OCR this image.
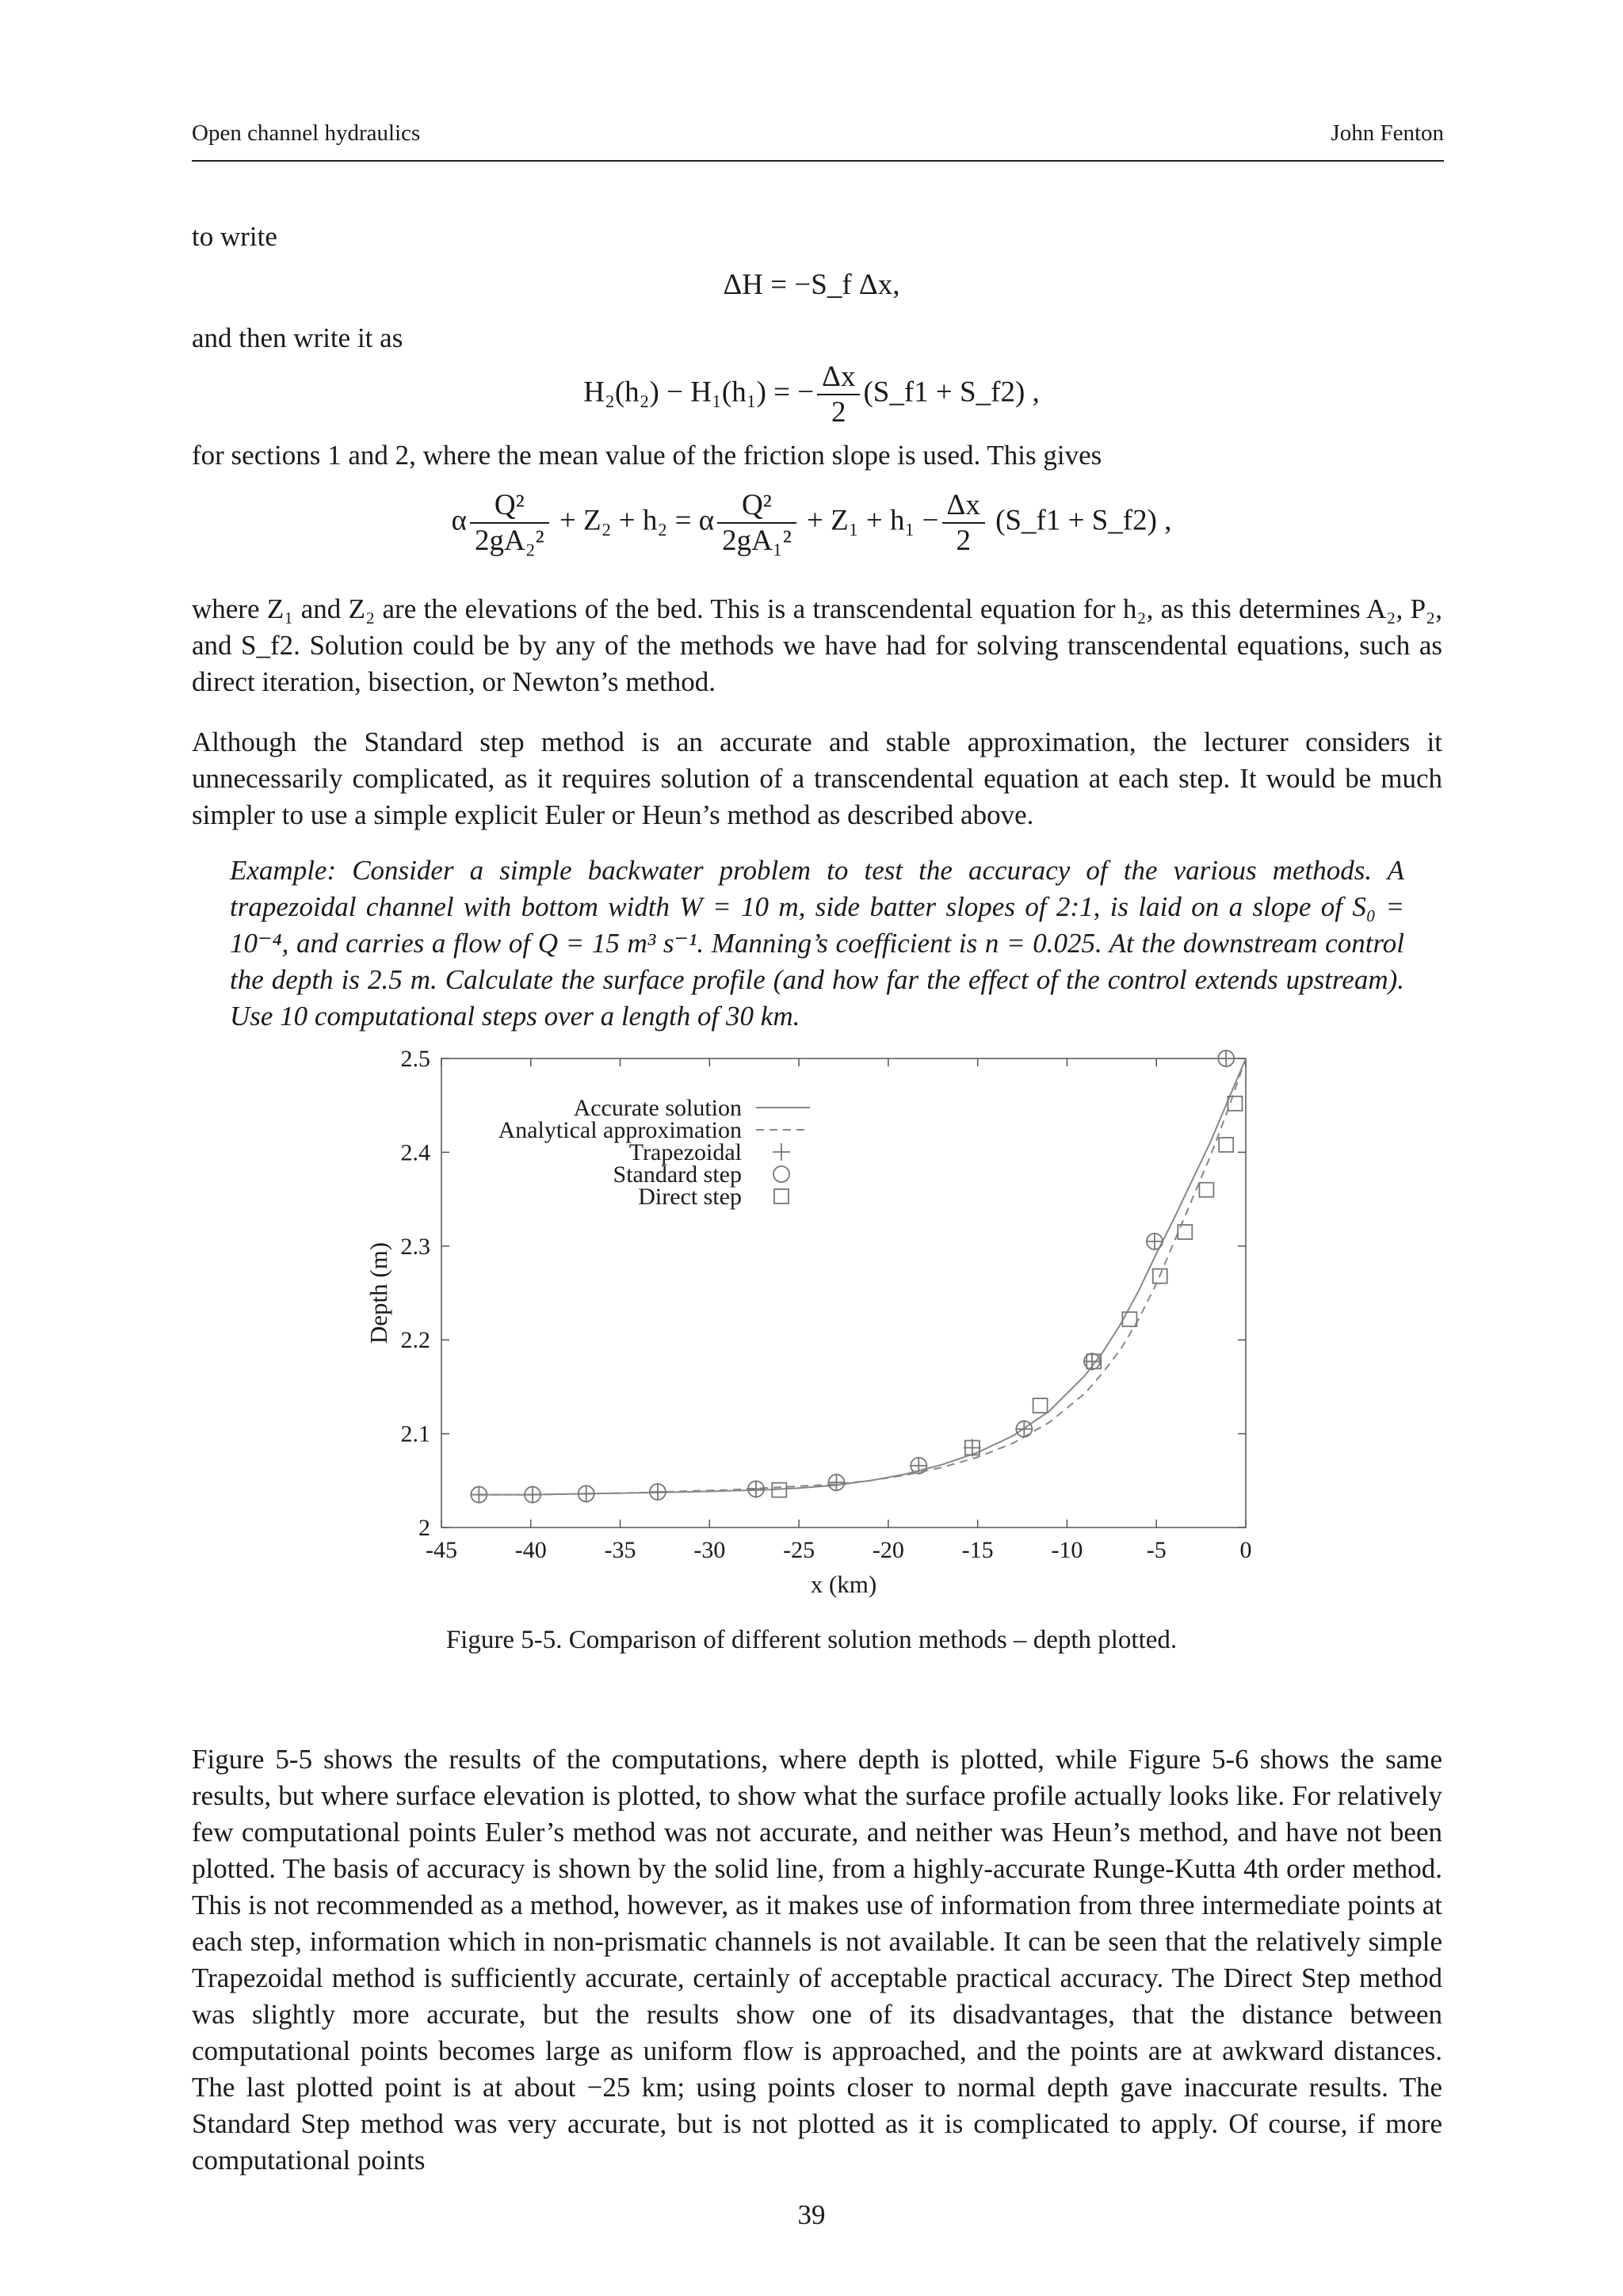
Open channel hydraulics	John Fenton
to write
ΔH = −S_f Δx,
and then write it as
H₂(h₂) − H₁(h₁) = − $\frac{\Delta x}{2}$ (S_f1 + S_f2) ,
for sections 1 and 2, where the mean value of the friction slope is used. This gives
α $\frac{\text{Q²}}{\text{2gA₂²}} + Z_2 + h_2 = \alpha \frac{\text{Q²}}{\text{2gA₁²}} + Z_1 + h_1 - \frac{\Delta x}{2}$ (S_f1 + S_f2) ,
where Z₁ and Z₂ are the elevations of the bed. This is a transcendental equation for h₂, as this determines A₂, P₂, and S_f2. Solution could be by any of the methods we have had for solving transcendental equations, such as direct iteration, bisection, or Newton’s method.
Although the Standard step method is an accurate and stable approximation, the lecturer considers it unnecessarily complicated, as it requires solution of a transcendental equation at each step. It would be much simpler to use a simple explicit Euler or Heun’s method as described above.
Example: Consider a simple backwater problem to test the accuracy of the various methods. A trapezoidal channel with bottom width W = 10 m, side batter slopes of 2:1, is laid on a slope of S₀ = 10⁻⁴, and carries a flow of Q = 15 m³ s⁻¹. Manning’s coefficient is n = 0.025. At the downstream control the depth is 2.5 m. Calculate the surface profile (and how far the effect of the control extends upstream). Use 10 computational steps over a length of 30 km.
-45 -40 -35 -30 -25 -20 -15 -10	-5	0
2
2.1
2.2
2.3
2.4
2.5
x (km)
Depth (m)
Accurate solution
Analytical approximation
Trapezoidal
Standard step
Direct step
Figure 5-5. Comparison of different solution methods – depth plotted.
Figure 5-5 shows the results of the computations, where depth is plotted, while Figure 5-6 shows the same results, but where surface elevation is plotted, to show what the surface profile actually looks like. For relatively few computational points Euler’s method was not accurate, and neither was Heun’s method, and have not been plotted. The basis of accuracy is shown by the solid line, from a highly-accurate Runge-Kutta 4th order method. This is not recommended as a method, however, as it makes use of information from three intermediate points at each step, information which in non-prismatic channels is not available. It can be seen that the relatively simple Trapezoidal method is sufficiently accurate, certainly of acceptable practical accuracy. The Direct Step method was slightly more accurate, but the results show one of its disadvantages, that the distance between computational points becomes large as uniform flow is approached, and the points are at awkward distances. The last plotted point is at about −25 km; using points closer to normal depth gave inaccurate results. The Standard Step method was very accurate, but is not plotted as it is complicated to apply. Of course, if more computational points
39
